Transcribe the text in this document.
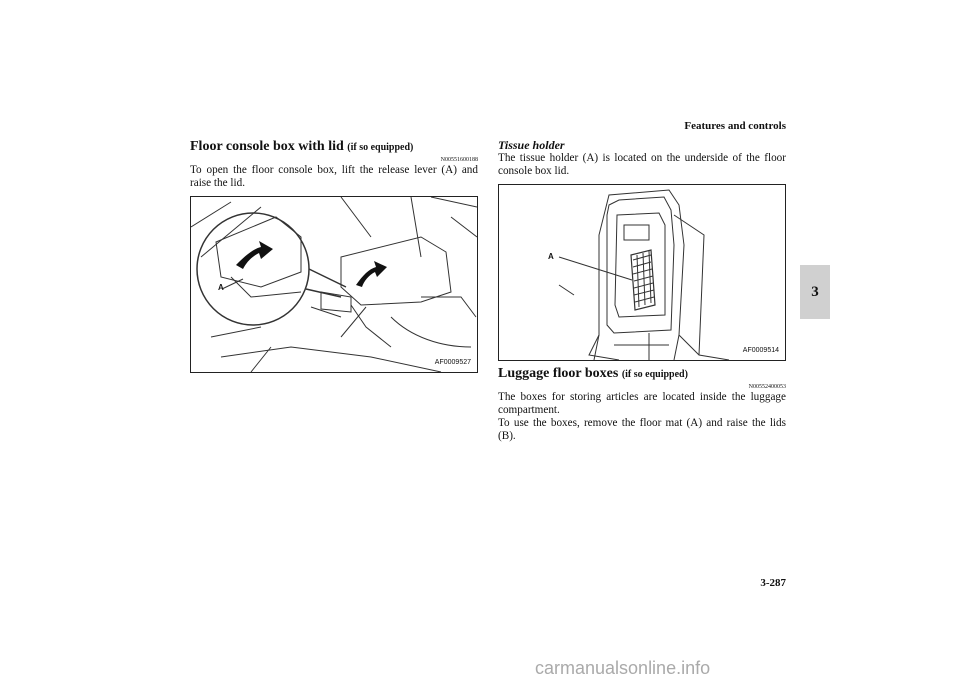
Features and controls
3
Floor console box with lid (if so equipped)
N00551600188

To open the floor console box, lift the release lever (A) and raise the lid.

A
AF0009527
Tissue holder

The tissue holder (A) is located on the underside of the floor console box lid.

A
AF0009514
Luggage floor boxes (if so equipped)
N00552400053

The boxes for storing articles are located inside the luggage compartment.

To use the boxes, remove the floor mat (A) and raise the lids (B).

3-287
carmanualsonline.info
